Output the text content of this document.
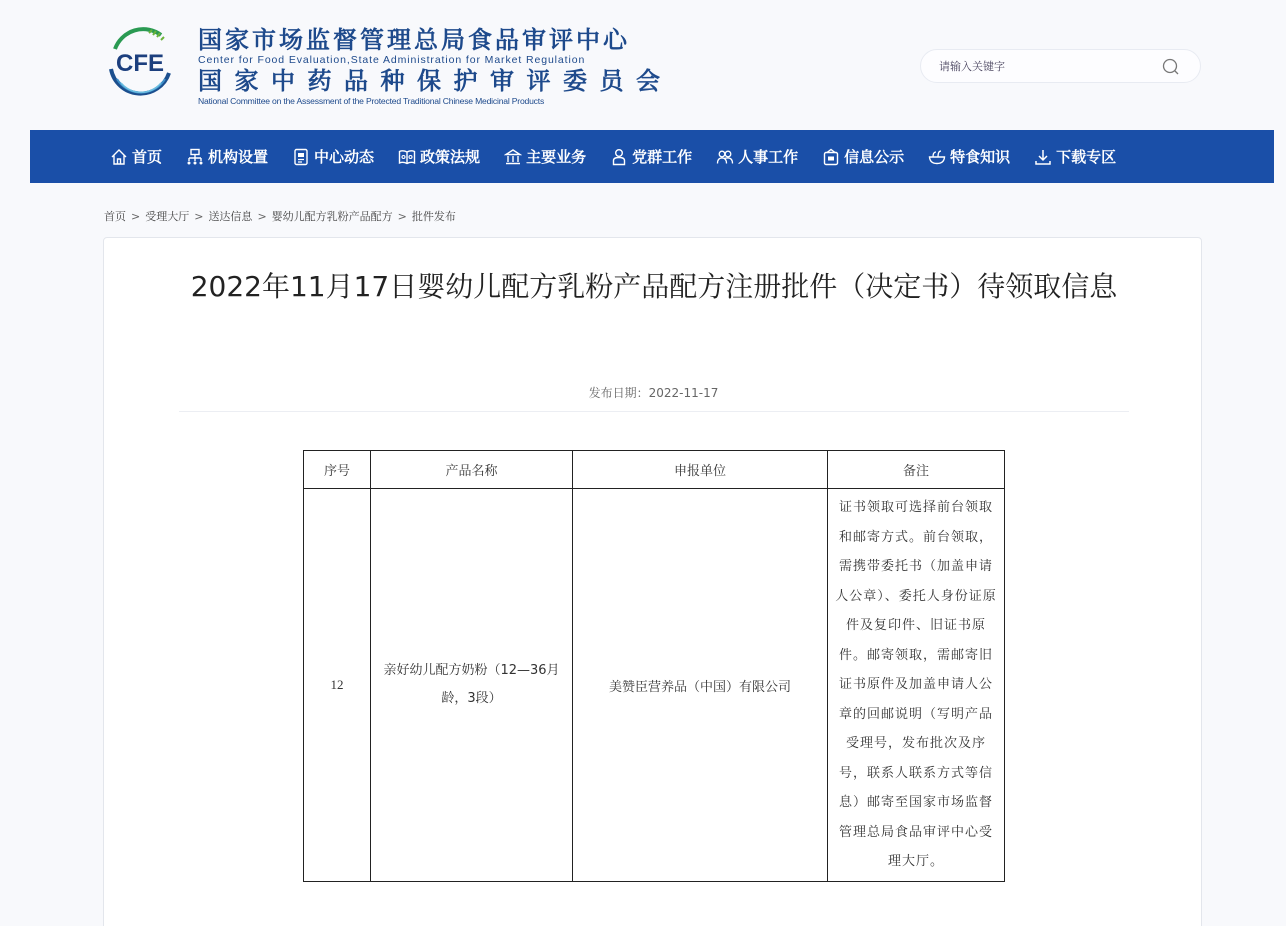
CFE
国家市场监督管理总局食品审评中心
Center for Food Evaluation,State Administration for Market Regulation
国家中药品种保护审评委员会
National Committee on the Assessment of the Protected Traditional Chinese Medicinal Products
请输入关键字
首页	机构设置	中心动态	政策法规	主要业务	党群工作	人事工作	信息公示	特食知识	下载专区
首页 > 受理大厅 > 送达信息 > 婴幼儿配方乳粉产品配方 > 批件发布
2022年11月17日婴幼儿配方乳粉产品配方注册批件（决定书）待领取信息
发布日期：2022-11-17
序号	产品名称	申报单位	备注
12	亲好幼儿配方奶粉（12—36月龄，3段）	美赞臣营养品（中国）有限公司	证书领取可选择前台领取和邮寄方式。前台领取，需携带委托书（加盖申请人公章）、委托人身份证原件及复印件、旧证书原件。邮寄领取，需邮寄旧证书原件及加盖申请人公章的回邮说明（写明产品受理号，发布批次及序号，联系人联系方式等信息）邮寄至国家市场监督管理总局食品审评中心受理大厅。
